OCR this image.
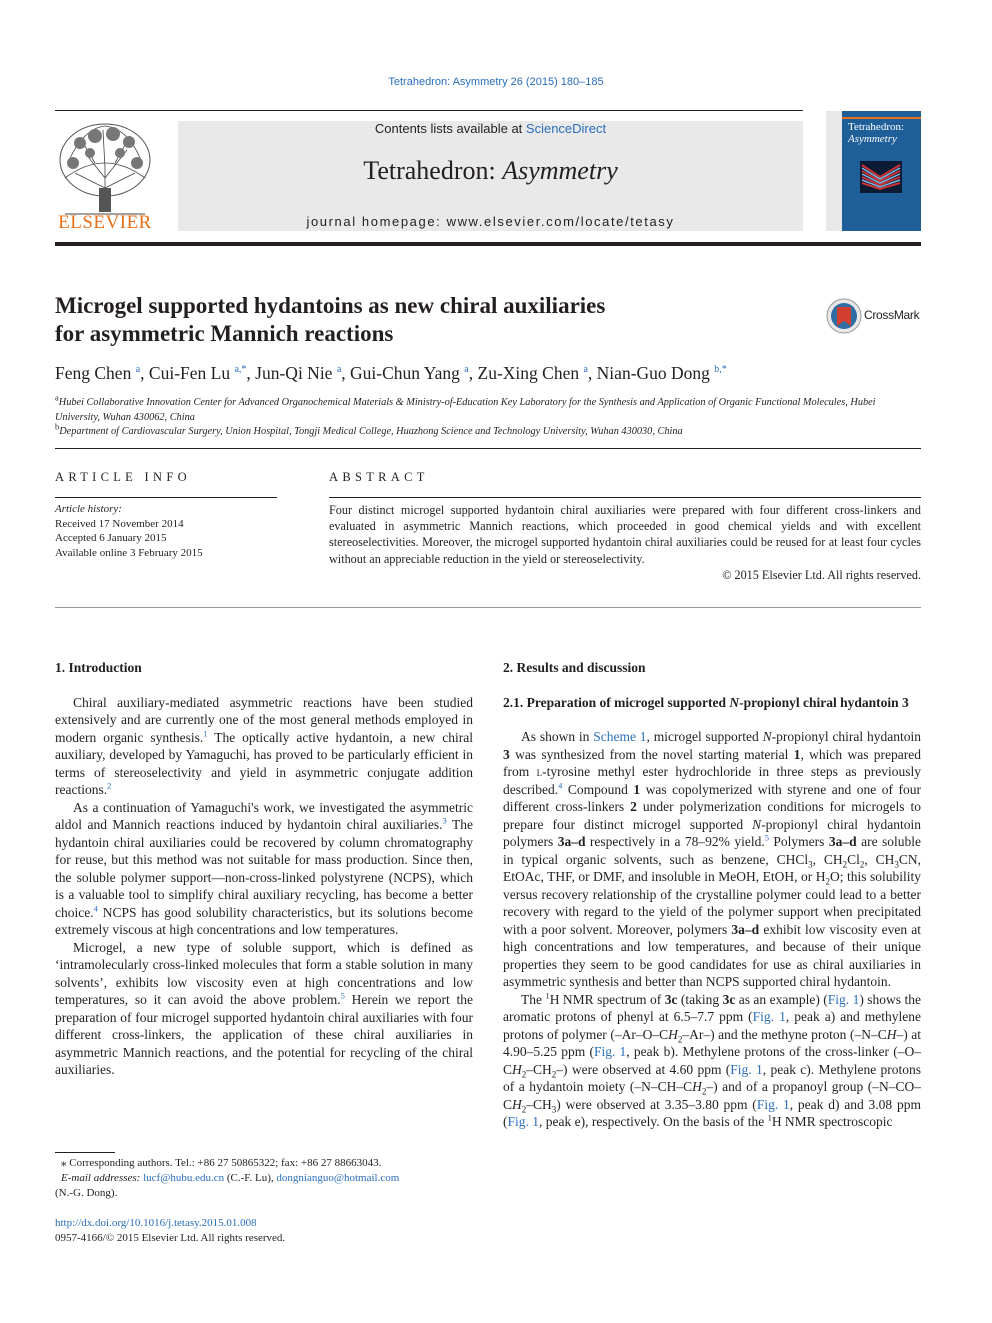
Tetrahedron: Asymmetry 26 (2015) 180–185
ELSEVIER
Contents lists available at ScienceDirect
Tetrahedron: Asymmetry
journal homepage: www.elsevier.com/locate/tetasy
Tetrahedron:
Asymmetry
Microgel supported hydantoins as new chiral auxiliaries
for asymmetric Mannich reactions
CrossMark
Feng Chen $^a$, Cui-Fen Lu $^{a,*}$, Jun-Qi Nie $^a$, Gui-Chun Yang $^a$, Zu-Xing Chen $^a$, Nian-Guo Dong $^{b,*}$
$^a$Hubei Collaborative Innovation Center for Advanced Organochemical Materials & Ministry-of-Education Key Laboratory for the Synthesis and Application of Organic Functional Molecules, Hubei University, Wuhan 430062, China
$^b$Department of Cardiovascular Surgery, Union Hospital, Tongji Medical College, Huazhong Science and Technology University, Wuhan 430030, China
ARTICLE INFO	ABSTRACT
Article history:
Received 17 November 2014
Accepted 6 January 2015
Available online 3 February 2015
Four distinct microgel supported hydantoin chiral auxiliaries were prepared with four different cross-linkers and evaluated in asymmetric Mannich reactions, which proceeded in good chemical yields and with excellent stereoselectivities. Moreover, the microgel supported hydantoin chiral auxiliaries could be reused for at least four cycles without an appreciable reduction in the yield or stereoselectivity.
© 2015 Elsevier Ltd. All rights reserved.
1. Introduction

Chiral auxiliary-mediated asymmetric reactions have been studied extensively and are currently one of the most general methods employed in modern organic synthesis.$^1$ The optically active hydantoin, a new chiral auxiliary, developed by Yamaguchi, has proved to be particularly efficient in terms of stereoselectivity and yield in asymmetric conjugate addition reactions.$^2$

As a continuation of Yamaguchi's work, we investigated the asymmetric aldol and Mannich reactions induced by hydantoin chiral auxiliaries.$^3$ The hydantoin chiral auxiliaries could be recovered by column chromatography for reuse, but this method was not suitable for mass production. Since then, the soluble polymer support—non-cross-linked polystyrene (NCPS), which is a valuable tool to simplify chiral auxiliary recycling, has become a better choice.$^4$ NCPS has good solubility characteristics, but its solutions become extremely viscous at high concentrations and low temperatures.

Microgel, a new type of soluble support, which is defined as ‘intramolecularly cross-linked molecules that form a stable solution in many solvents’, exhibits low viscosity even at high concentrations and low temperatures, so it can avoid the above problem.$^5$ Herein we report the preparation of four microgel supported hydantoin chiral auxiliaries with four different cross-linkers, the application of these chiral auxiliaries in asymmetric Mannich reactions, and the potential for recycling of the chiral auxiliaries.

2. Results and discussion
2.1. Preparation of microgel supported N-propionyl chiral hydantoin 3

As shown in Scheme 1, microgel supported N-propionyl chiral hydantoin 3 was synthesized from the novel starting material 1, which was prepared from l-tyrosine methyl ester hydrochloride in three steps as previously described.$^4$ Compound 1 was copolymerized with styrene and one of four different cross-linkers 2 under polymerization conditions for microgels to prepare four distinct microgel supported N-propionyl chiral hydantoin polymers 3a–d respectively in a 78–92% yield.$^5$ Polymers 3a–d are soluble in typical organic solvents, such as benzene, CHCl$_3$, $CH_2Cl_2$, $CH_3CN$, EtOAc, THF, or DMF, and insoluble in MeOH, EtOH, or $H_2O$; this solubility versus recovery relationship of the crystalline polymer could lead to a better recovery with regard to the yield of the polymer support when precipitated with a poor solvent. Moreover, polymers 3a–d exhibit low viscosity even at high concentrations and low temperatures, and because of their unique properties they seem to be good candidates for use as chiral auxiliaries in asymmetric synthesis and better than NCPS supported chiral hydantoin.

The $^1$H NMR spectrum of 3c (taking 3c as an example) (Fig. 1) shows the aromatic protons of phenyl at 6.5–7.7 ppm (Fig. 1, peak a) and methylene protons of polymer $(-Ar-O-CH_2-Ar-)$ and the methyne proton (–N–CH–) at 4.90–5.25 ppm (Fig. 1, peak b). Methylene protons of the cross-linker $(-O-CH_2-CH_2-)$ were observed at 4.60 ppm (Fig. 1, peak c). Methylene protons of a hydantoin moiety $(-N-CH-CH_2-)$ and of a propanoyl group $(-N-CO-CH_2-CH_3)$ were observed at 3.35–3.80 ppm (Fig. 1, peak d) and 3.08 ppm (Fig. 1, peak e), respectively. On the basis of the $^1$H NMR spectroscopic

⁎ Corresponding authors. Tel.: +86 27 50865322; fax: +86 27 88663043.
E-mail addresses: lucf@hubu.edu.cn (C.-F. Lu), dongnianguo@hotmail.com
(N.-G. Dong).
http://dx.doi.org/10.1016/j.tetasy.2015.01.008
0957-4166/© 2015 Elsevier Ltd. All rights reserved.
